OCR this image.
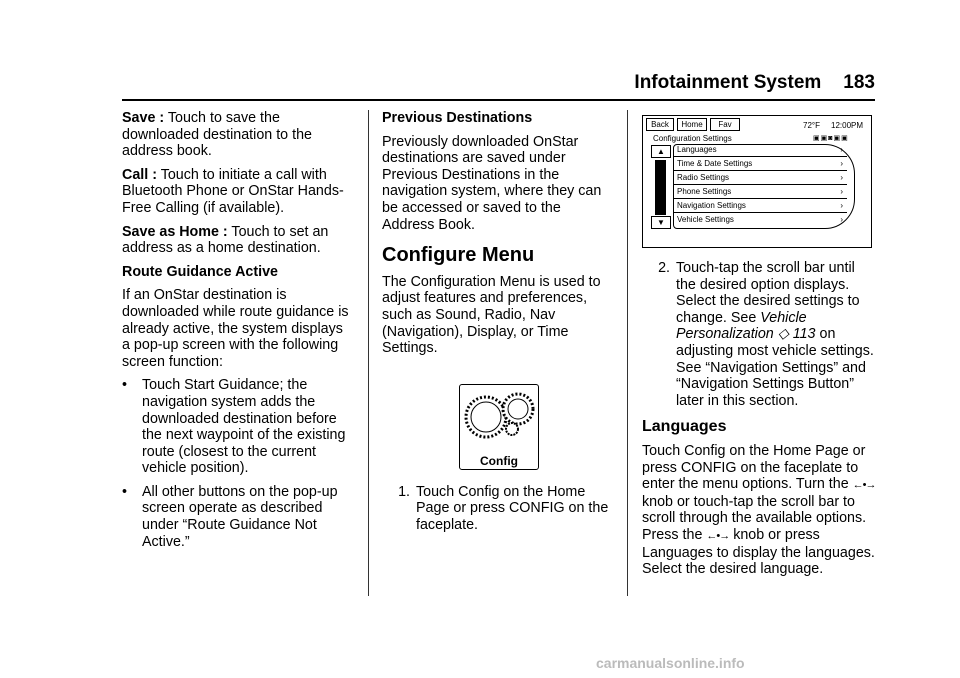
Infotainment System 183

Save : Touch to save the downloaded destination to the address book.

Call : Touch to initiate a call with Bluetooth Phone or OnStar Hands-Free Calling (if available).

Save as Home : Touch to set an address as a home destination.

Route Guidance Active

If an OnStar destination is downloaded while route guidance is already active, the system displays a pop-up screen with the following screen function:

•	Touch Start Guidance; the navigation system adds the downloaded destination before the next waypoint of the existing route (closest to the current vehicle position).
•	All other buttons on the pop-up screen operate as described under “Route Guidance Not Active.”

Previous Destinations

Previously downloaded OnStar destinations are saved under Previous Destinations in the navigation system, where they can be accessed or saved to the Address Book.

Configure Menu

The Configuration Menu is used to adjust features and preferences, such as Sound, Radio, Nav (Navigation), Display, or Time Settings.

Config
1. Touch Config on the Home Page or press CONFIG on the faceplate.
Back	Home	Fav	72°F 12:00PM
Configuration Settings	▣▣◙▣▣
▲
▼
Languages	›
Time & Date Settings	›
Radio Settings	›
Phone Settings	›
Navigation Settings	›
Vehicle Settings	›
2. Touch-tap the scroll bar until the desired option displays. Select the desired settings to change. See Vehicle Personalization ◇ 113 on adjusting most vehicle settings. See “Navigation Settings” and “Navigation Settings Button” later in this section.
Languages

Touch Config on the Home Page or press CONFIG on the faceplate to enter the menu options. Turn the ←•→ knob or touch-tap the scroll bar to scroll through the available options. Press the ←•→ knob or press Languages to display the languages. Select the desired language.

carmanualsonline.info
